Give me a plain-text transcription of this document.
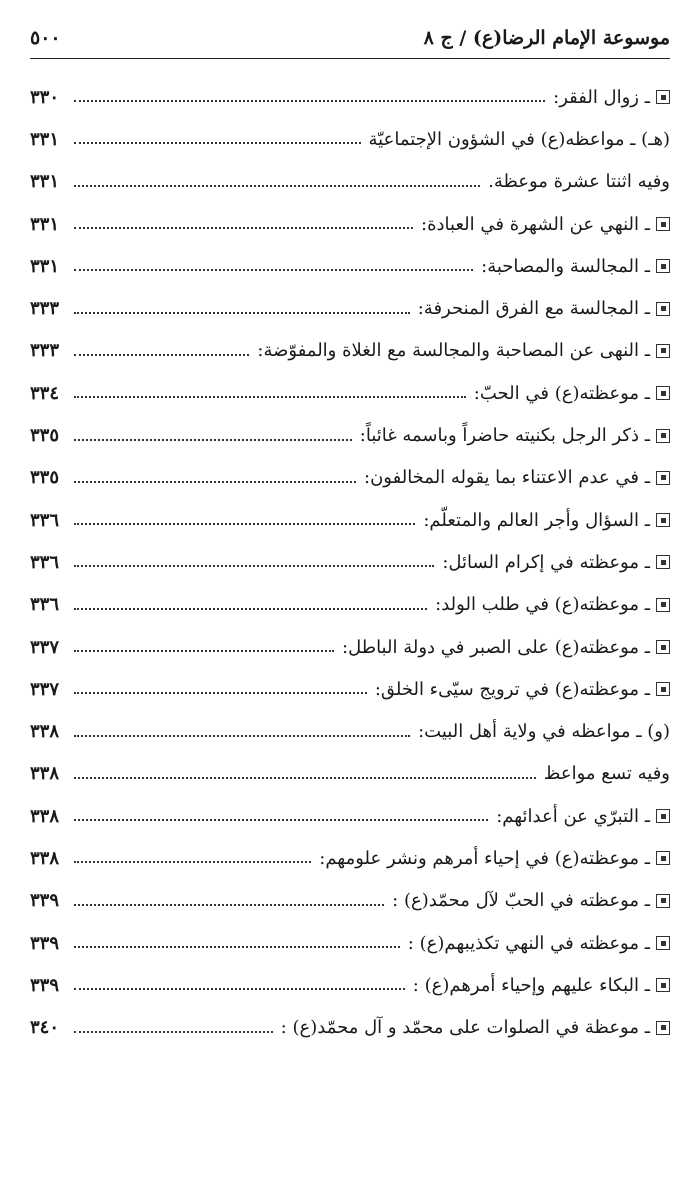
موسوعة الإمام الرضا(ع) / ج ٨
٥٠٠
ـ زوال الفقر:
٣٣٠
(هـ) ـ مواعظه(ع) في الشؤون الإجتماعيّة
٣٣١
وفيه اثنتا عشرة موعظة.
٣٣١
ـ النهي عن الشهرة في العبادة:
٣٣١
ـ المجالسة والمصاحبة:
٣٣١
ـ المجالسة مع الفرق المنحرفة:
٣٣٣
ـ النهى عن المصاحبة والمجالسة مع الغلاة والمفوّضة:
٣٣٣
ـ موعظته(ع) في الحبّ:
٣٣٤
ـ ذكر الرجل بكنيته حاضراً وباسمه غائباً:
٣٣٥
ـ في عدم الاعتناء بما يقوله المخالفون:
٣٣٥
ـ السؤال وأجر العالم والمتعلّم:
٣٣٦
ـ موعظته في إكرام السائل:
٣٣٦
ـ موعظته(ع) في طلب الولد:
٣٣٦
ـ موعظته(ع) على الصبر في دولة الباطل:
٣٣٧
ـ موعظته(ع) في ترويج سيّىء الخلق:
٣٣٧
(و) ـ مواعظه في ولاية أهل البيت:
٣٣٨
وفيه تسع مواعظ
٣٣٨
ـ التبرّي عن أعدائهم:
٣٣٨
ـ موعظته(ع) في إحياء أمرهم ونشر علومهم:
٣٣٨
ـ موعظته في الحبّ لآل محمّد(ع) :
٣٣٩
ـ موعظته في النهي تكذيبهم(ع) :
٣٣٩
ـ البكاء عليهم وإحياء أمرهم(ع) :
٣٣٩
ـ موعظة في الصلوات على محمّد و آل محمّد(ع) :
٣٤٠
